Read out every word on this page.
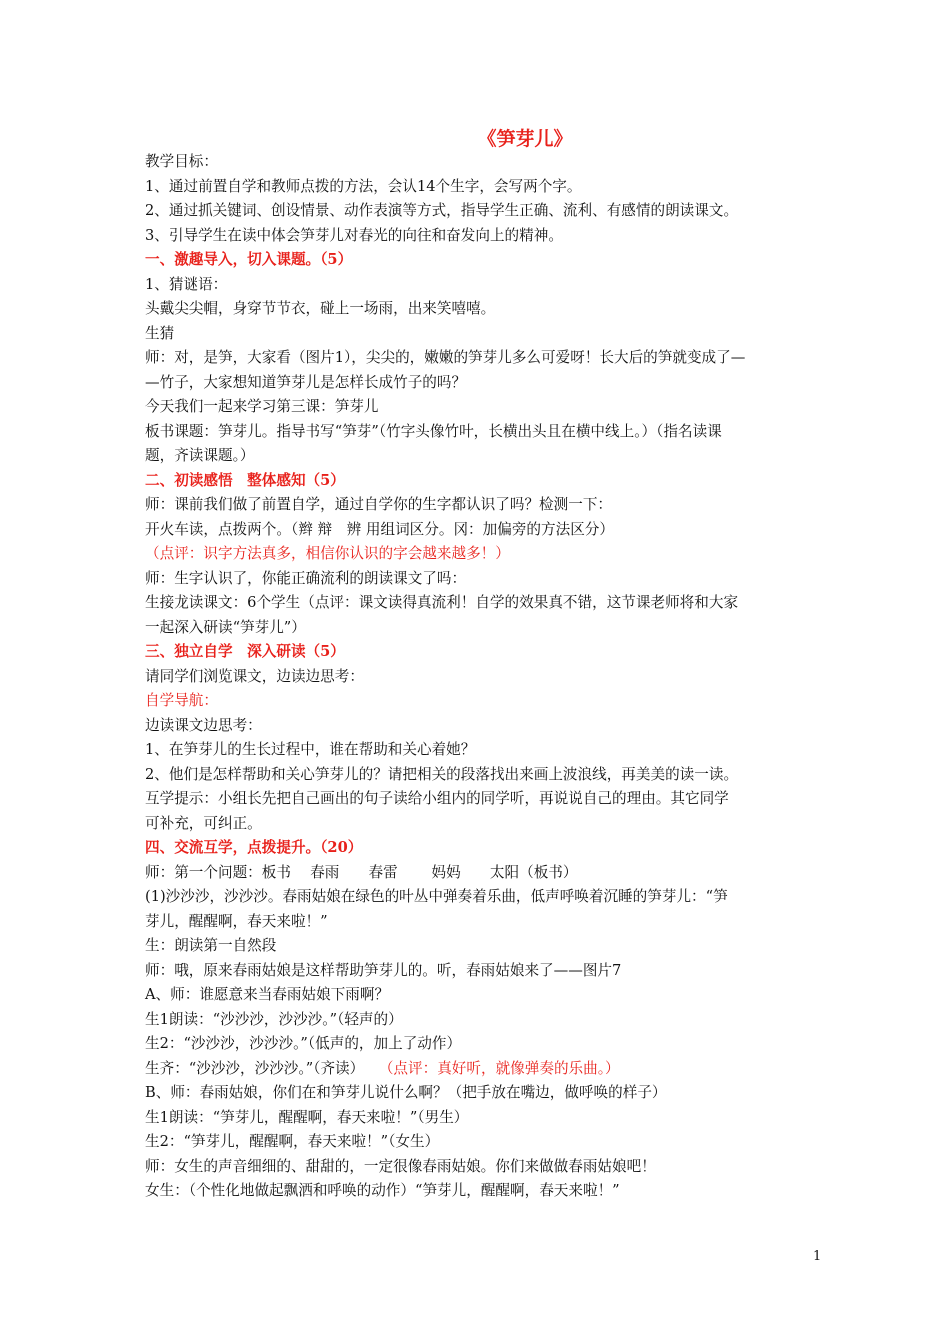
《笋芽儿》

教学目标：

1、通过前置自学和教师点拨的方法，会认14个生字，会写两个字。

2、通过抓关键词、创设情景、动作表演等方式，指导学生正确、流利、有感情的朗读课文。

3、引导学生在读中体会笋芽儿对春光的向往和奋发向上的精神。

一、激趣导入，切入课题。（5）

1、猜谜语：

头戴尖尖帽，身穿节节衣，碰上一场雨，出来笑嘻嘻。

生猜

师：对，是笋，大家看（图片1），尖尖的，嫩嫩的笋芽儿多么可爱呀！长大后的笋就变成了—

—竹子，大家想知道笋芽儿是怎样长成竹子的吗？

今天我们一起来学习第三课：笋芽儿

板书课题：笋芽儿。指导书写“笋芽”（竹字头像竹叶，长横出头且在横中线上。）（指名读课

题，齐读课题。）

二、初读感悟　整体感知（5）

师：课前我们做了前置自学，通过自学你的生字都认识了吗？检测一下：

开火车读，点拨两个。（辫 辩　辨 用组词区分。冈：加偏旁的方法区分）

（点评：识字方法真多，相信你认识的字会越来越多！）

师：生字认识了，你能正确流利的朗读课文了吗：

生接龙读课文：6个学生（点评：课文读得真流利！自学的效果真不错，这节课老师将和大家

一起深入研读“笋芽儿”）

三、独立自学　深入研读（5）

请同学们浏览课文，边读边思考：

自学导航：

边读课文边思考：

1、在笋芽儿的生长过程中，谁在帮助和关心着她？

2、他们是怎样帮助和关心笋芽儿的？请把相关的段落找出来画上波浪线，再美美的读一读。

互学提示：小组长先把自己画出的句子读给小组内的同学听，再说说自己的理由。其它同学

可补充，可纠正。

四、交流互学，点拨提升。（20）

师：第一个问题：板书　 春雨　　春雷　　 妈妈　　太阳（板书）

(1)沙沙沙，沙沙沙。春雨姑娘在绿色的叶丛中弹奏着乐曲，低声呼唤着沉睡的笋芽儿：“笋

芽儿，醒醒啊，春天来啦！”

生：朗读第一自然段

师：哦，原来春雨姑娘是这样帮助笋芽儿的。听，春雨姑娘来了——图片7

A、师：谁愿意来当春雨姑娘下雨啊？

生1朗读：“沙沙沙，沙沙沙。”（轻声的）

生2：“沙沙沙，沙沙沙。”（低声的，加上了动作）

生齐：“沙沙沙，沙沙沙。”（齐读）　　 （点评：真好听，就像弹奏的乐曲。）

B、师：春雨姑娘，你们在和笋芽儿说什么啊？（把手放在嘴边，做呼唤的样子）

生1朗读：“笋芽儿，醒醒啊，春天来啦！”（男生）

生2：“笋芽儿，醒醒啊，春天来啦！”（女生）

师：女生的声音细细的、甜甜的，一定很像春雨姑娘。你们来做做春雨姑娘吧！

女生：（个性化地做起飘洒和呼唤的动作）“笋芽儿，醒醒啊，春天来啦！”

1
